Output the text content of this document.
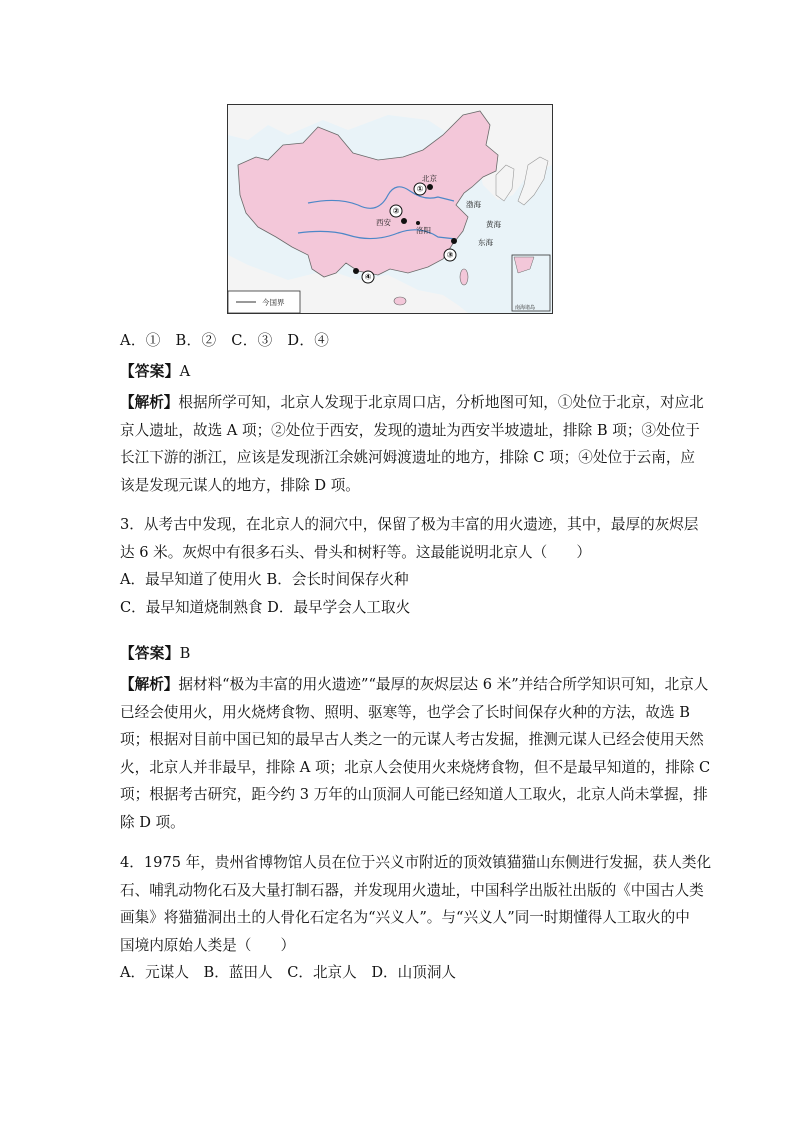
渤海
黄海
东海
北京
西安
洛阳
①
②
③
④
南海诸岛
今国界
A．①　B．②　C．③　D．④
【答案】A
【解析】根据所学可知，北京人发现于北京周口店，分析地图可知，①处位于北京，对应北
京人遗址，故选 A 项；②处位于西安，发现的遗址为西安半坡遗址，排除 B 项；③处位于
长江下游的浙江，应该是发现浙江余姚河姆渡遗址的地方，排除 C 项；④处位于云南，应
该是发现元谋人的地方，排除 D 项。
3．从考古中发现，在北京人的洞穴中，保留了极为丰富的用火遗迹，其中，最厚的灰烬层
达 6 米。灰烬中有很多石头、骨头和树籽等。这最能说明北京人（　　）
A．最早知道了使用火 B．会长时间保存火种
C．最早知道烧制熟食 D．最早学会人工取火
【答案】B
【解析】据材料“极为丰富的用火遗迹”“最厚的灰烬层达 6 米”并结合所学知识可知，北京人
已经会使用火，用火烧烤食物、照明、驱寒等，也学会了长时间保存火种的方法，故选 B
项；根据对目前中国已知的最早古人类之一的元谋人考古发掘，推测元谋人已经会使用天然
火，北京人并非最早，排除 A 项；北京人会使用火来烧烤食物，但不是最早知道的，排除 C
项；根据考古研究，距今约 3 万年的山顶洞人可能已经知道人工取火，北京人尚未掌握，排
除 D 项。
4．1975 年，贵州省博物馆人员在位于兴义市附近的顶效镇猫猫山东侧进行发掘，获人类化
石、哺乳动物化石及大量打制石器，并发现用火遗址，中国科学出版社出版的《中国古人类
画集》将猫猫洞出土的人骨化石定名为“兴义人”。与“兴义人”同一时期懂得人工取火的中
国境内原始人类是（　　）
A．元谋人　B．蓝田人　C．北京人　D．山顶洞人
